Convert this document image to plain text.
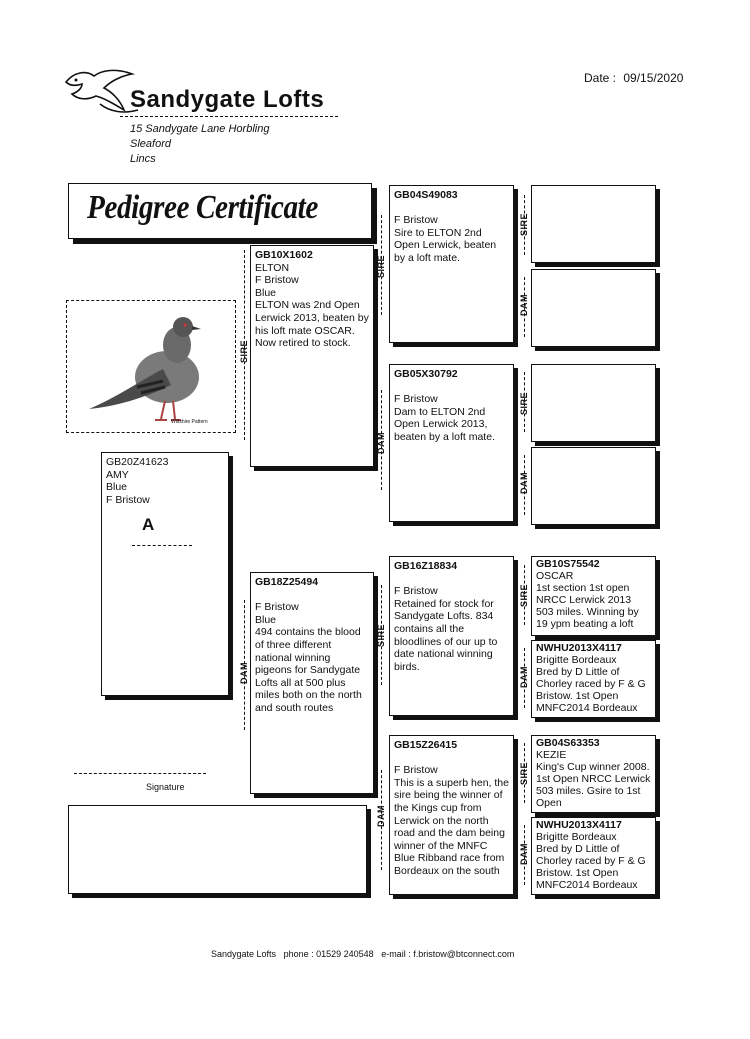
Sandygate Lofts
15 Sandygate Lane Horbling
Sleaford
Lincs
Date : 09/15/2020
Pedigree Certificate
Wiltshire Pattern
GB20Z41623
AMY
Blue
F Bristow
A
GB10X1602
ELTON
F Bristow
Blue
ELTON was 2nd Open Lerwick 2013, beaten by his loft mate OSCAR. Now retired to stock.
SIRE
GB18Z25494

F Bristow
Blue
494 contains the blood of three different national winning pigeons for Sandygate Lofts all at 500 plus miles both on the north and south routes
DAM
GB04S49083

F Bristow
Sire to ELTON 2nd Open Lerwick, beaten by a loft mate.
SIRE
GB05X30792

F Bristow
Dam to ELTON 2nd Open Lerwick 2013, beaten by a loft mate.
DAM
GB16Z18834

F Bristow
Retained for stock for Sandygate Lofts. 834 contains all the bloodlines of our up to date national winning birds.
SIRE
GB15Z26415

F Bristow
This is a superb hen, the sire being the winner of the Kings cup from Lerwick on the north road and the dam being winner of the MNFC Blue Ribband race from Bordeaux on the south
DAM
SIRE
DAM
SIRE
DAM
GB10S75542
OSCAR
1st section 1st open NRCC Lerwick 2013 503 miles. Winning by 19 ypm beating a loft
SIRE
NWHU2013X4117
Brigitte Bordeaux
Bred by D Little of Chorley raced by F & G Bristow. 1st Open MNFC2014 Bordeaux
DAM
GB04S63353
KEZIE
King's Cup winner 2008. 1st Open NRCC Lerwick 503 miles. Gsire to 1st Open
SIRE
NWHU2013X4117
Brigitte Bordeaux
Bred by D Little of Chorley raced by F & G Bristow. 1st Open MNFC2014 Bordeaux
DAM
Signature
Sandygate Lofts phone : 01529 240548 e-mail : f.bristow@btconnect.com
